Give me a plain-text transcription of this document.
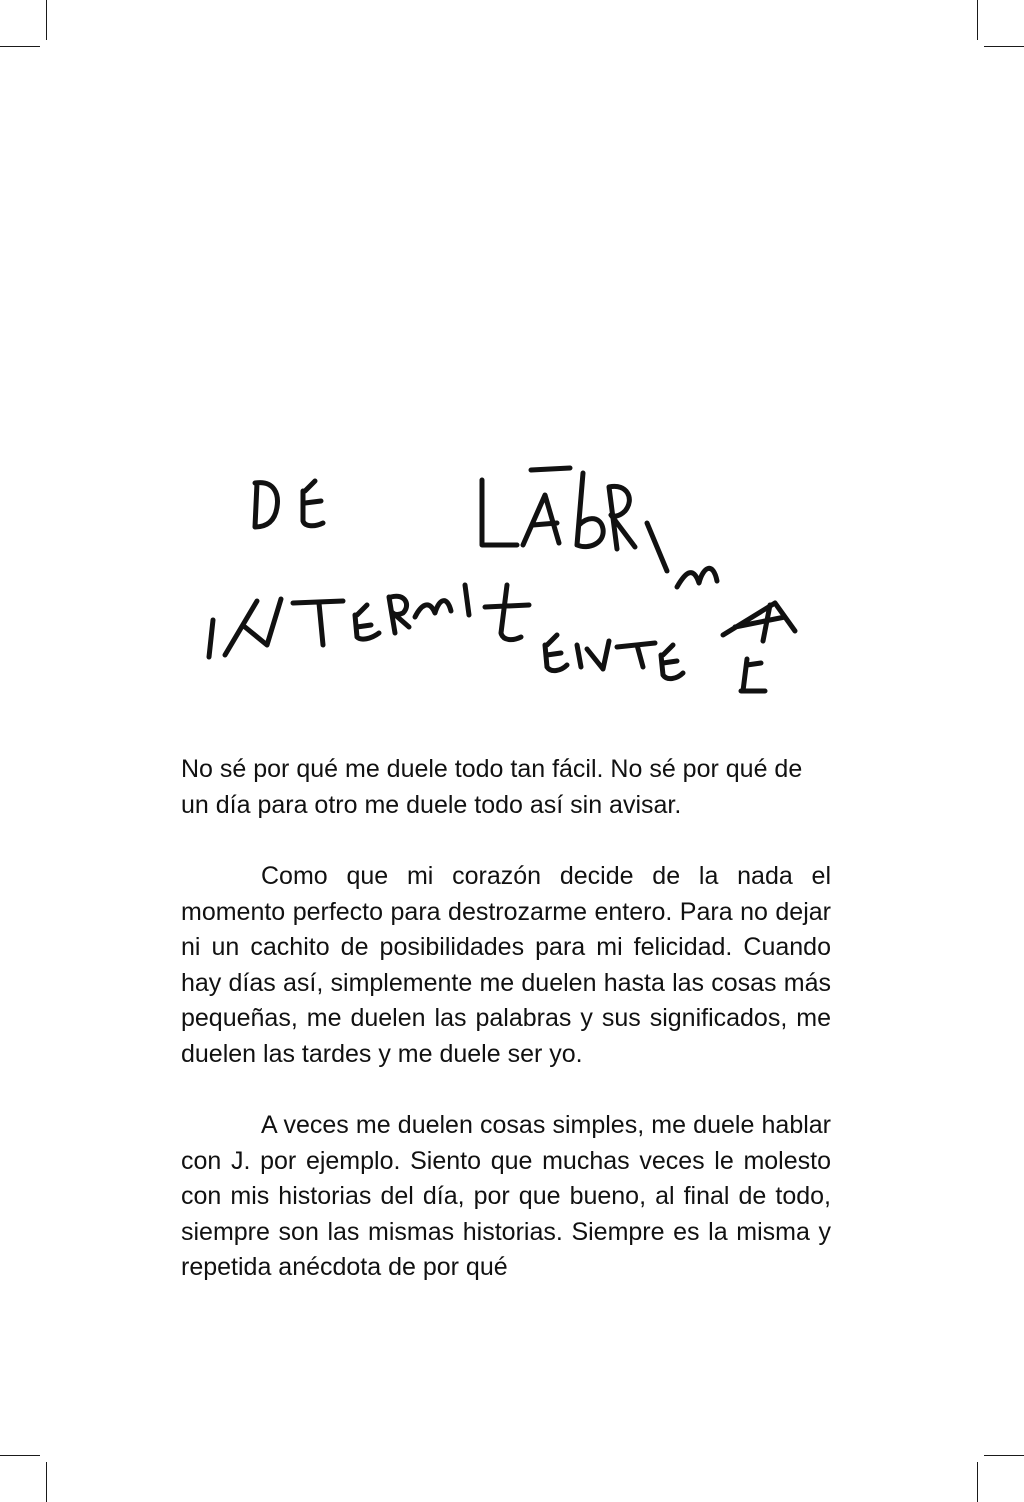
No sé por qué me duele todo tan fácil. No sé por qué de un día para otro me duele todo así sin avisar.

Como que mi corazón decide de la nada el momento perfecto para destrozarme entero. Para no dejar ni un cachito de posibilidades para mi felicidad. Cuando hay días así, simplemente me duelen hasta las cosas más pequeñas, me duelen las palabras y sus significados, me duelen las tardes y me duele ser yo.

A veces me duelen cosas simples, me duele hablar con J. por ejemplo. Siento que muchas veces le molesto con mis historias del día, por que bueno, al final de todo, siempre son las mismas historias. Siempre es la misma y repetida anécdota de por qué
